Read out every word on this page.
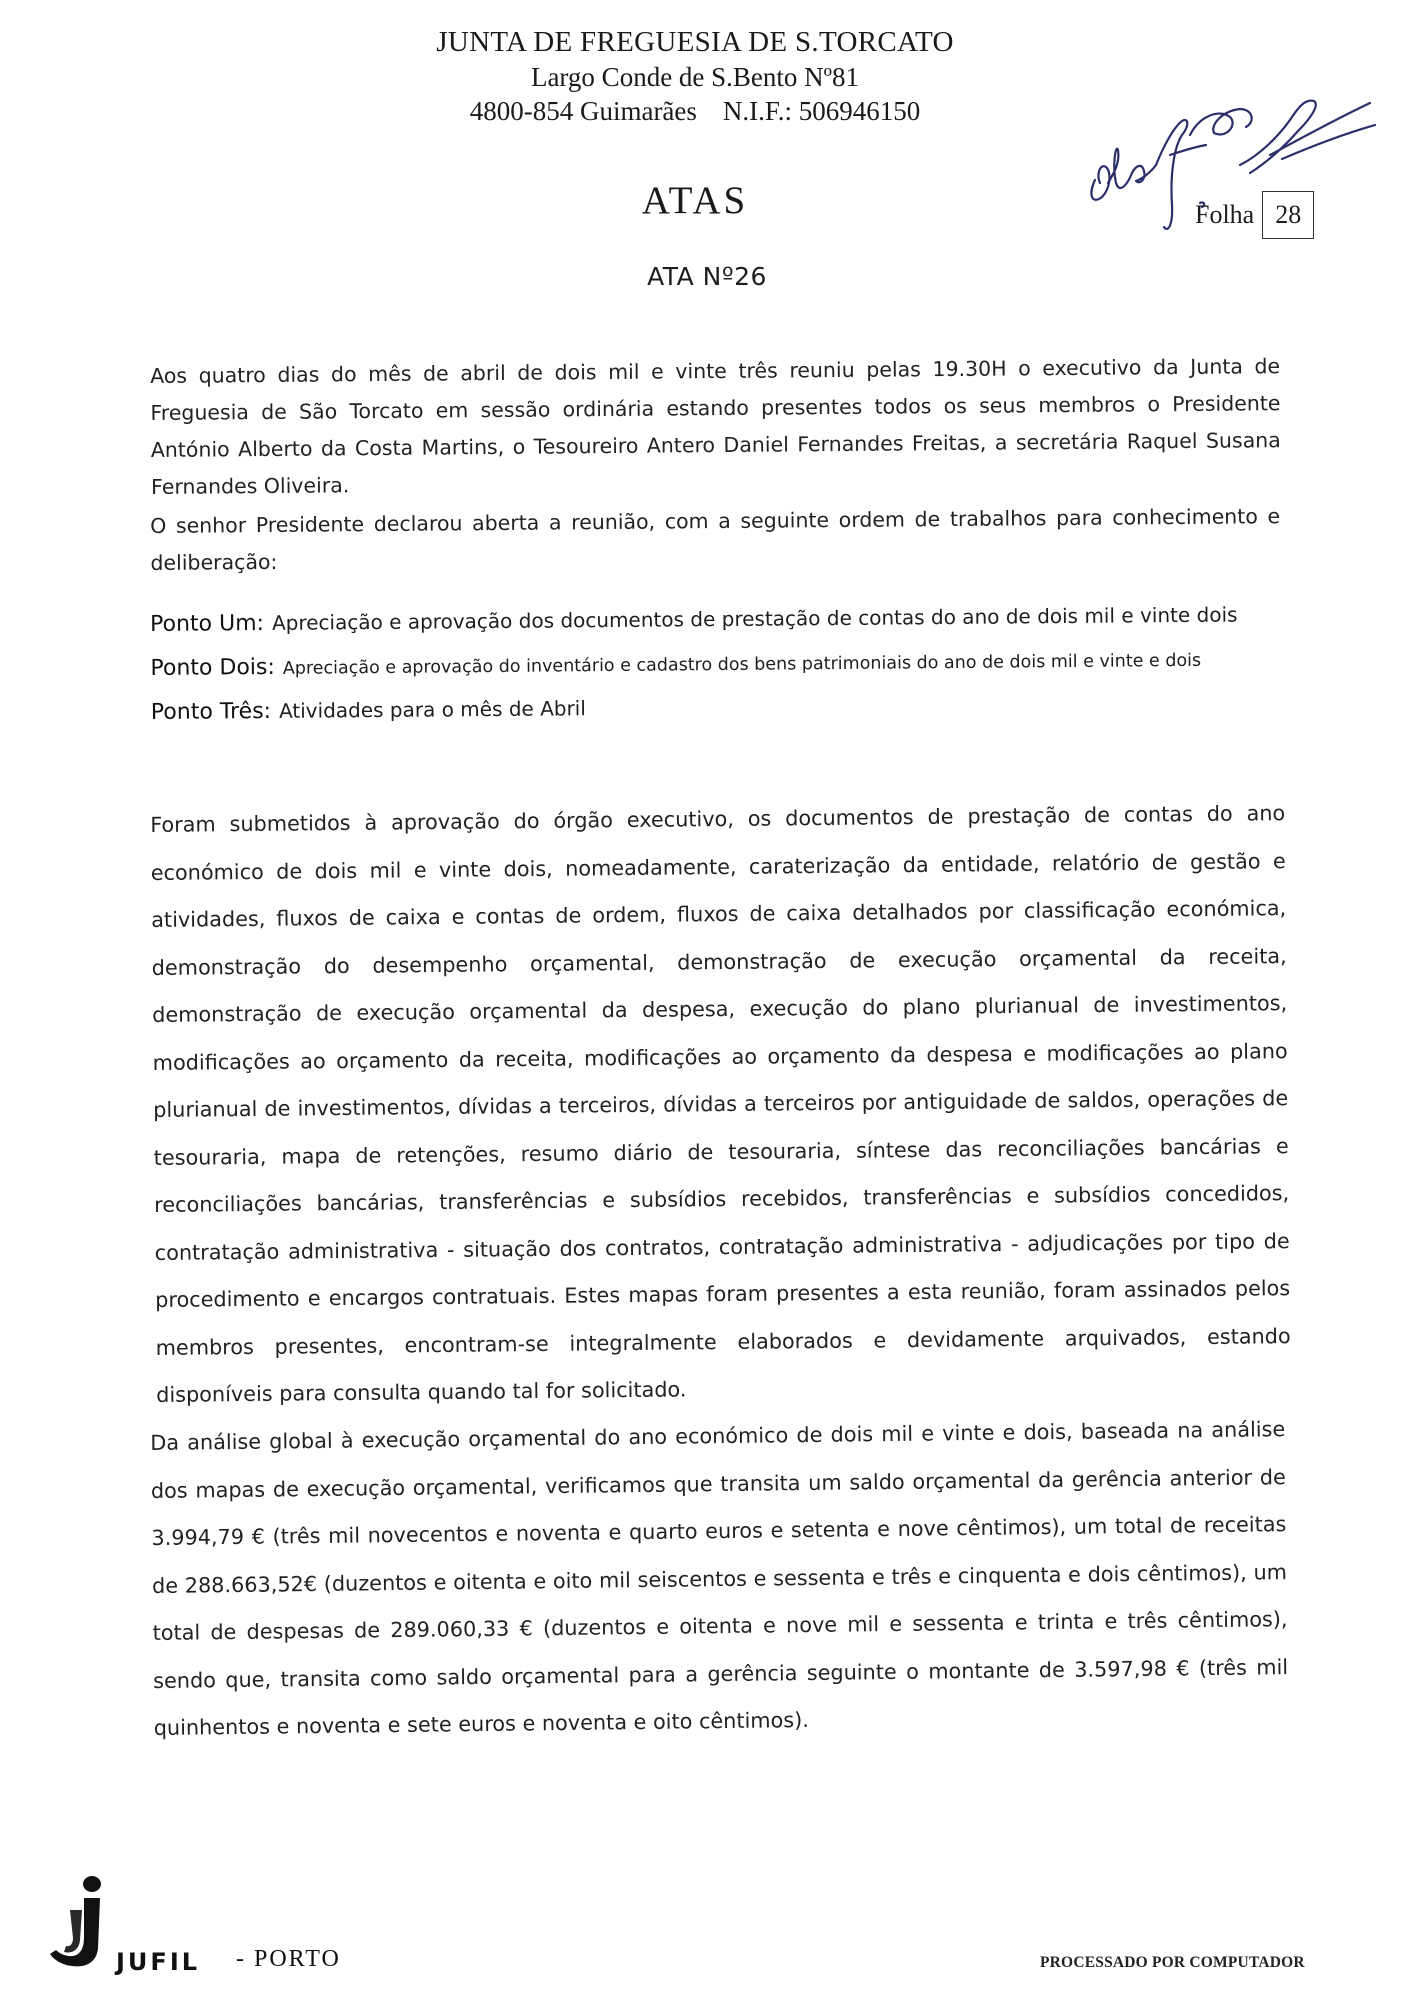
JUNTA DE FREGUESIA DE S.TORCATO
Largo Conde de S.Bento Nº81
4800-854 Guimarães N.I.F.: 506946150
ATAS	Folha 28
ATA Nº26

Aos quatro dias do mês de abril de dois mil e vinte três reuniu pelas 19.30H o executivo da Junta de Freguesia de São Torcato em sessão ordinária estando presentes todos os seus membros o Presidente António Alberto da Costa Martins, o Tesoureiro Antero Daniel Fernandes Freitas, a secretária Raquel Susana Fernandes Oliveira.

O senhor Presidente declarou aberta a reunião, com a seguinte ordem de trabalhos para conhecimento e deliberação:

Ponto Um: Apreciação e aprovação dos documentos de prestação de contas do ano de dois mil e vinte dois
Ponto Dois: Apreciação e aprovação do inventário e cadastro dos bens patrimoniais do ano de dois mil e vinte e dois
Ponto Três: Atividades para o mês de Abril

Foram submetidos à aprovação do órgão executivo, os documentos de prestação de contas do ano económico de dois mil e vinte dois, nomeadamente, caraterização da entidade, relatório de gestão e atividades, fluxos de caixa e contas de ordem, fluxos de caixa detalhados por classificação económica, demonstração do desempenho orçamental, demonstração de execução orçamental da receita, demonstração de execução orçamental da despesa, execução do plano plurianual de investimentos, modificações ao orçamento da receita, modificações ao orçamento da despesa e modificações ao plano plurianual de investimentos, dívidas a terceiros, dívidas a terceiros por antiguidade de saldos, operações de tesouraria, mapa de retenções, resumo diário de tesouraria, síntese das reconciliações bancárias e reconciliações bancárias, transferências e subsídios recebidos, transferências e subsídios concedidos, contratação administrativa - situação dos contratos, contratação administrativa - adjudicações por tipo de procedimento e encargos contratuais. Estes mapas foram presentes a esta reunião, foram assinados pelos membros presentes, encontram-se integralmente elaborados e devidamente arquivados, estando disponíveis para consulta quando tal for solicitado.

Da análise global à execução orçamental do ano económico de dois mil e vinte e dois, baseada na análise dos mapas de execução orçamental, verificamos que transita um saldo orçamental da gerência anterior de 3.994,79 € (três mil novecentos e noventa e quarto euros e setenta e nove cêntimos), um total de receitas de 288.663,52€ (duzentos e oitenta e oito mil seiscentos e sessenta e três e cinquenta e dois cêntimos), um total de despesas de 289.060,33 € (duzentos e oitenta e nove mil e sessenta e trinta e três cêntimos), sendo que, transita como saldo orçamental para a gerência seguinte o montante de 3.597,98 € (três mil quinhentos e noventa e sete euros e noventa e oito cêntimos).

JUFIL - PORTO	PROCESSADO POR COMPUTADOR
